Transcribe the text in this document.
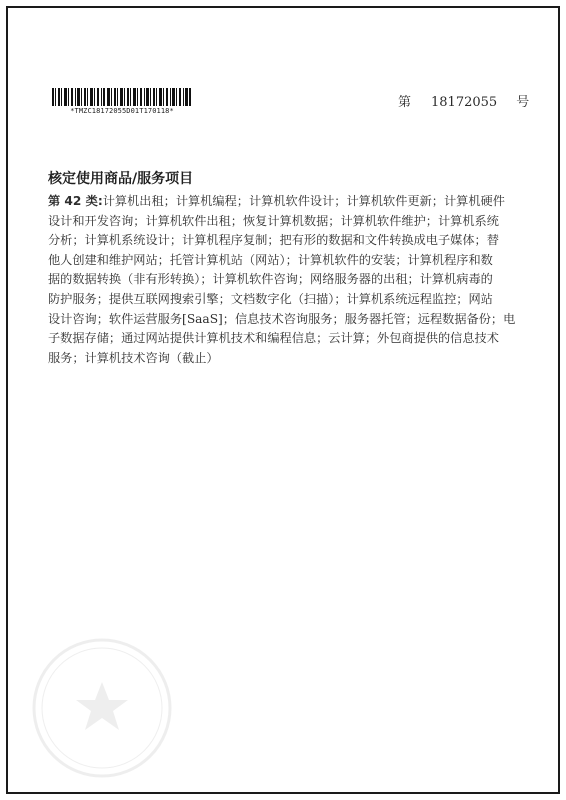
*TMZC18172055D01T170118*
第 18172055 号
核定使用商品/服务项目
第 42 类:计算机出租；计算机编程；计算机软件设计；计算机软件更新；计算机硬件
设计和开发咨询；计算机软件出租；恢复计算机数据；计算机软件维护；计算机系统
分析；计算机系统设计；计算机程序复制；把有形的数据和文件转换成电子媒体；替
他人创建和维护网站；托管计算机站（网站）；计算机软件的安装；计算机程序和数
据的数据转换（非有形转换）；计算机软件咨询；网络服务器的出租；计算机病毒的
防护服务；提供互联网搜索引擎；文档数字化（扫描）；计算机系统远程监控；网站
设计咨询；软件运营服务[SaaS]；信息技术咨询服务；服务器托管；远程数据备份；电
子数据存储；通过网站提供计算机技术和编程信息；云计算；外包商提供的信息技术
服务；计算机技术咨询（截止）
